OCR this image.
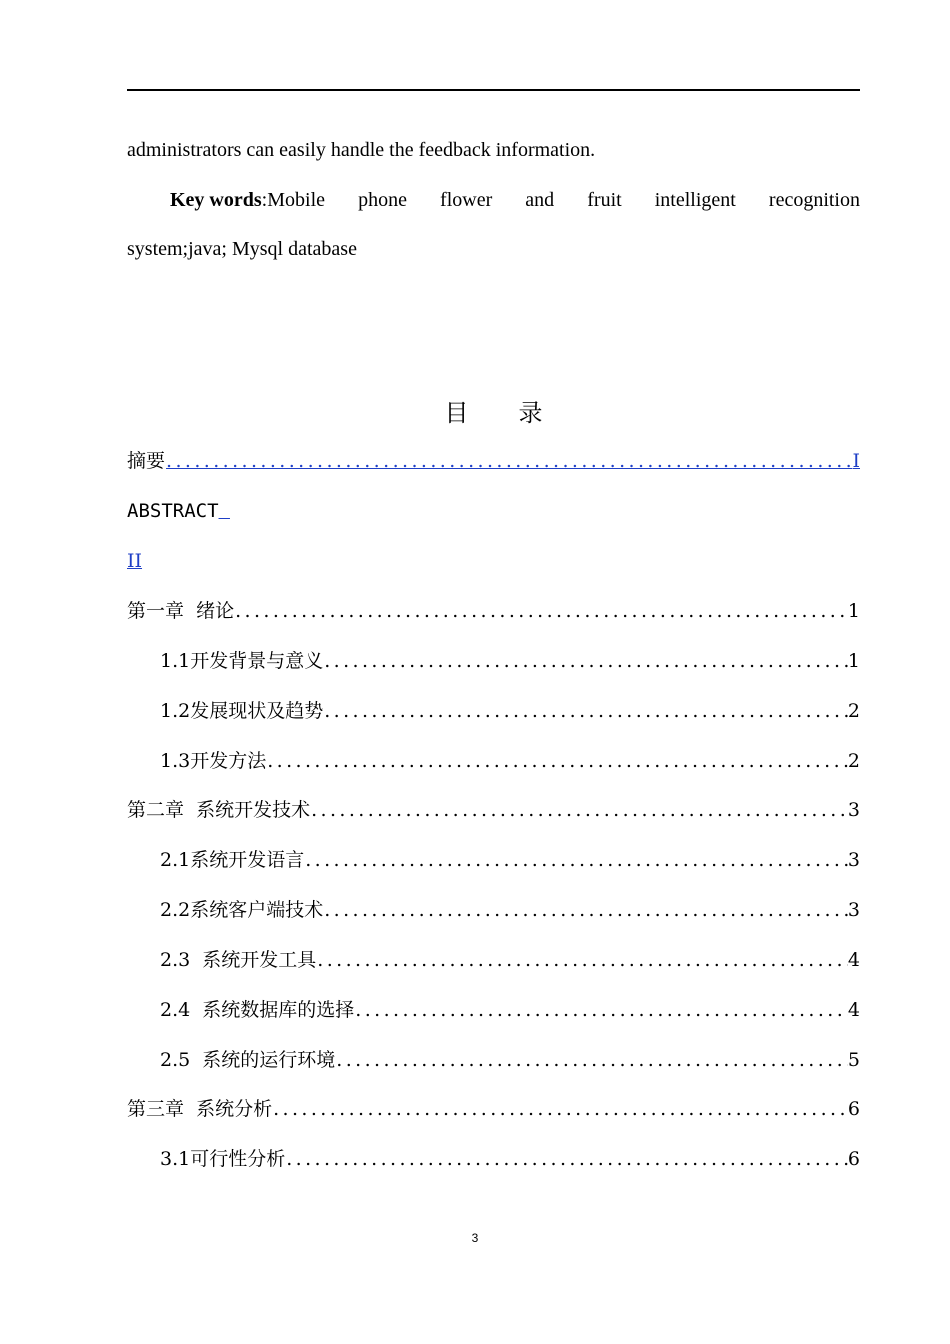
administrators can easily handle the feedback information.
Key words:Mobile phone flower and fruit intelligent recognition
system;java; Mysql database
目 录
摘要 .....	I
ABSTRACT
II
第一章  绪论 .....	1
1.1开发背景与意义 .....	1
1.2发展现状及趋势 .....	2
1.3开发方法 .....	2
第二章  系统开发技术 .....	3
2.1系统开发语言 .....	3
2.2系统客户端技术 .....	3
2.3  系统开发工具 .....	4
2.4  系统数据库的选择 .....	4
2.5  系统的运行环境 .....	5
第三章  系统分析 .....	6
3.1可行性分析 .....	6
3
